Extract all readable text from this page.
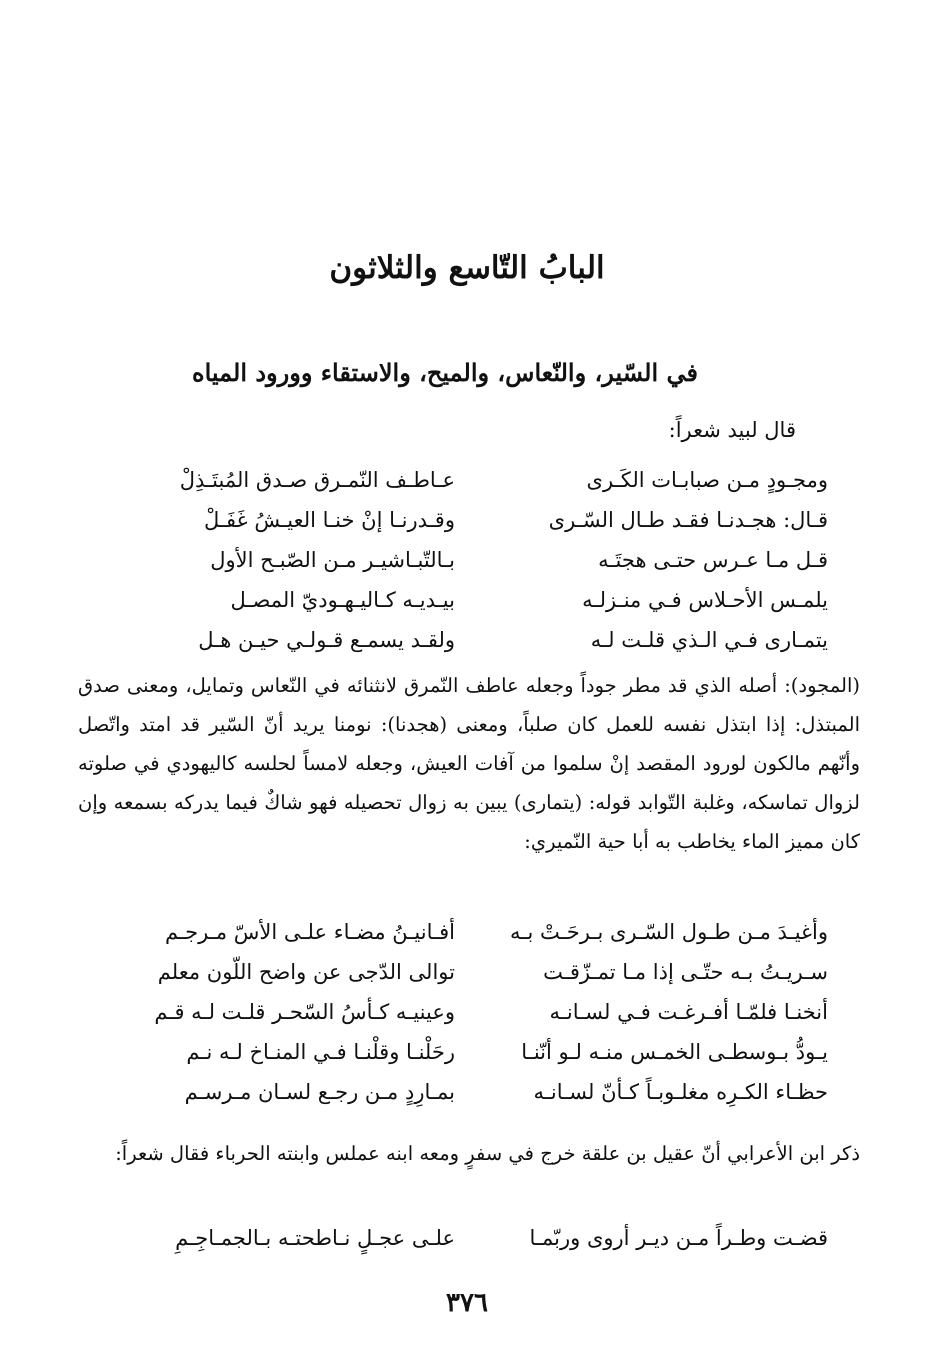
البابُ التّاسع والثلاثون
في السّير، والنّعاس، والميح، والاستقاء وورود المياه
قال لبيد شعراً:
ومجـودٍ مـن صبابـات الكَـرى
عـاطـف النّمـرق صـدق المُبتَـذِلْ
قـال: هجـدنـا فقـد طـال السّـرى
وقـدرنـا إنْ خنـا العيـشُ غَفَـلْ
قـل مـا عـرس حتـى هجتَـه
بـالتّبـاشيـر مـن الصّبـح الأول
يلمـس الأحـلاس فـي منـزلـه
بيـديـه كـاليـهـوديّ المصـل
يتمـارى فـي الـذي قلـت لـه
ولقـد يسمـع قـولـي حيـن هـل
(المجود): أصله الذي قد مطر جوداً وجعله عاطف النّمرق لانثنائه في النّعاس وتمايل، ومعنى صدق المبتذل: إذا ابتذل نفسه للعمل كان صلباً، ومعنى (هجدنا): نومنا يريد أنّ السّير قد امتد واتّصل وأنّهم مالكون لورود المقصد إنْ سلموا من آفات العيش، وجعله لامساً لحلسه كاليهودي في صلوته لزوال تماسكه، وغلبة التّوابد قوله: (يتمارى) يبين به زوال تحصيله فهو شاكٌ فيما يدركه بسمعه وإن كان مميز الماء يخاطب به أبا حية النّميري:
وأغيـدَ مـن طـول السّـرى بـرحَـتْ بـه
أفـانيـنُ مضـاء علـى الأسّ مـرجـم
سـريـتُ بـه حتّـى إذا مـا تمـزّقـت
توالى الدّجى عن واضح اللّون معلم
أنخنـا فلمّـا أفـرغـت فـي لسـانـه
وعينيـه كـأسُ السّحـر قلـت لـه قـم
يـودُّ بـوسطـى الخمـس منـه لـو أنّنـا
رحَلْنـا وقلْنـا فـي المنـاخ لـه نـم
حظـاء الكـرِه مغلـوبـاً كـأنّ لسـانـه
بمـارِدٍ مـن رجـع لسـان مـرسـم
ذكر ابن الأعرابي أنّ عقيل بن علقة خرج في سفرٍ ومعه ابنه عملس وابنته الحرباء فقال شعراً:
قضـت وطـراً مـن ديـر أروى وربّمـا
علـى عجـلٍ نـاطحتـه بـالجمـاجِـمِ
٣٧٦
